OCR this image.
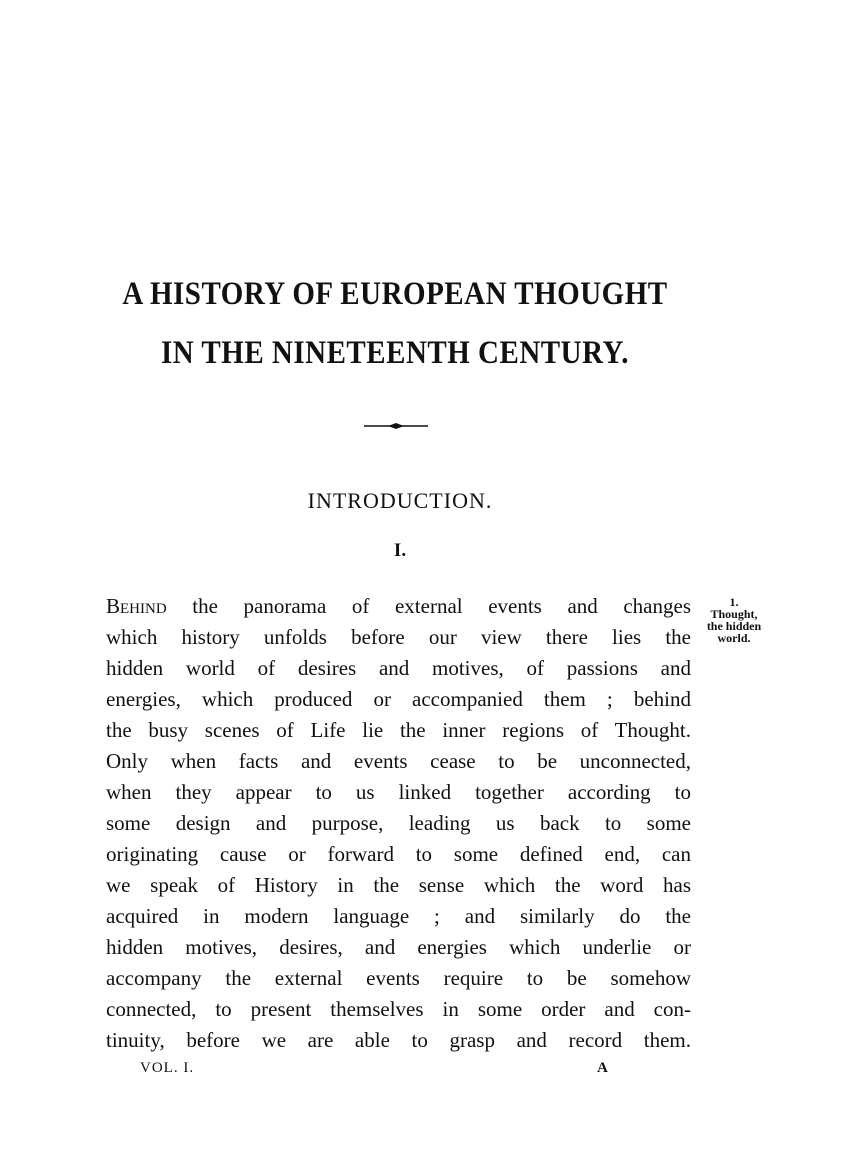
A HISTORY OF EUROPEAN THOUGHT
IN THE NINETEENTH CENTURY.
INTRODUCTION.
I.
Behind the panorama of external events and changes
which history unfolds before our view there lies the
hidden world of desires and motives, of passions and
energies, which produced or accompanied them ; behind
the busy scenes of Life lie the inner regions of Thought.
Only when facts and events cease to be unconnected,
when they appear to us linked together according to
some design and purpose, leading us back to some
originating cause or forward to some defined end, can
we speak of History in the sense which the word has
acquired in modern language ; and similarly do the
hidden motives, desires, and energies which underlie or
accompany the external events require to be somehow
connected, to present themselves in some order and con-
tinuity, before we are able to grasp and record them.
1.
Thought,
the hidden
world.
VOL. I.	A
